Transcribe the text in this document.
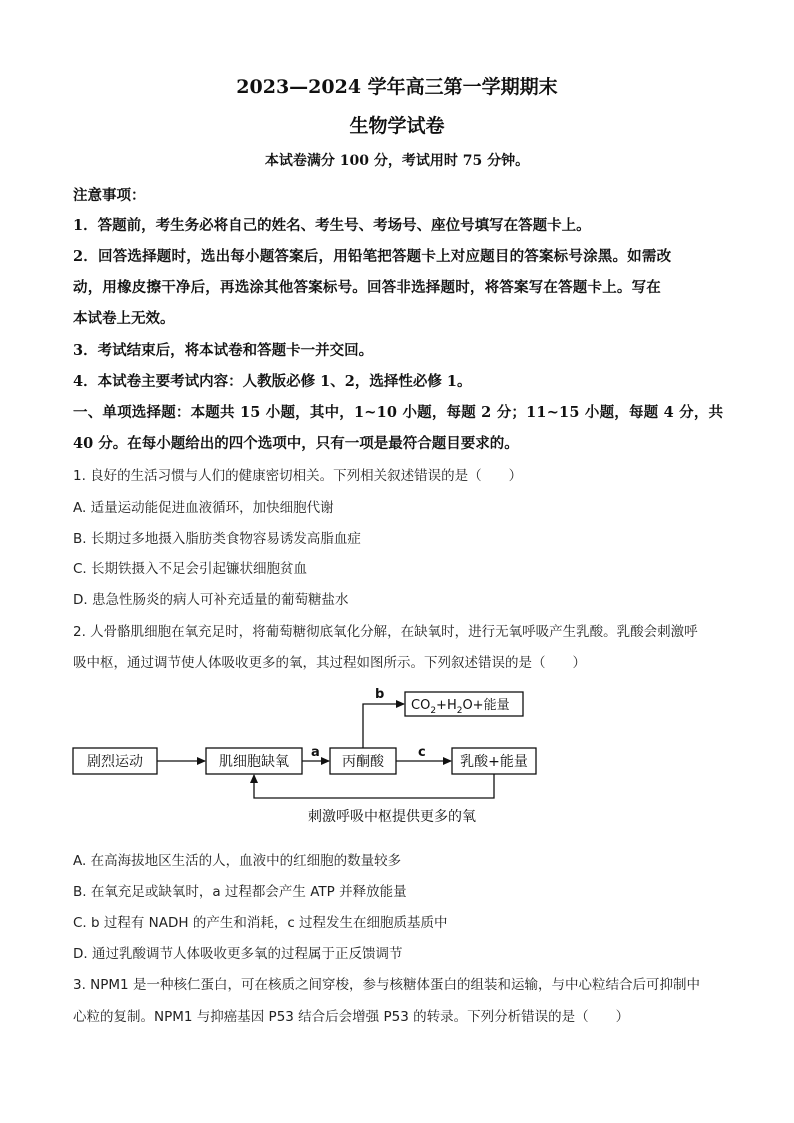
2023—2024 学年高三第一学期期末
生物学试卷
本试卷满分 100 分，考试用时 75 分钟。
注意事项：
1．答题前，考生务必将自己的姓名、考生号、考场号、座位号填写在答题卡上。
2．回答选择题时，选出每小题答案后，用铅笔把答题卡上对应题目的答案标号涂黑。如需改
动，用橡皮擦干净后，再选涂其他答案标号。回答非选择题时，将答案写在答题卡上。写在
本试卷上无效。
3．考试结束后，将本试卷和答题卡一并交回。
4．本试卷主要考试内容：人教版必修 1、2，选择性必修 1。
一、单项选择题：本题共 15 小题，其中，1~10 小题，每题 2 分；11~15 小题，每题 4 分，共
40 分。在每小题给出的四个选项中，只有一项是最符合题目要求的。
1. 良好的生活习惯与人们的健康密切相关。下列相关叙述错误的是（　　）
A. 适量运动能促进血液循环，加快细胞代谢
B. 长期过多地摄入脂肪类食物容易诱发高脂血症
C. 长期铁摄入不足会引起镰状细胞贫血
D. 患急性肠炎的病人可补充适量的葡萄糖盐水
2. 人骨骼肌细胞在氧充足时，将葡萄糖彻底氧化分解，在缺氧时，进行无氧呼吸产生乳酸。乳酸会刺激呼
吸中枢，通过调节使人体吸收更多的氧，其过程如图所示。下列叙述错误的是（　　）
剧烈运动	肌细胞缺氧	丙酮酸	乳酸+能量
$CO_2+H_2O+$能量
a
b
c
刺激呼吸中枢提供更多的氧
A. 在高海拔地区生活的人，血液中的红细胞的数量较多
B. 在氧充足或缺氧时，a 过程都会产生 ATP 并释放能量
C. b 过程有 NADH 的产生和消耗，c 过程发生在细胞质基质中
D. 通过乳酸调节人体吸收更多氧的过程属于正反馈调节
3. NPM1 是一种核仁蛋白，可在核质之间穿梭，参与核糖体蛋白的组装和运输，与中心粒结合后可抑制中
心粒的复制。NPM1 与抑癌基因 P53 结合后会增强 P53 的转录。下列分析错误的是（　　）
